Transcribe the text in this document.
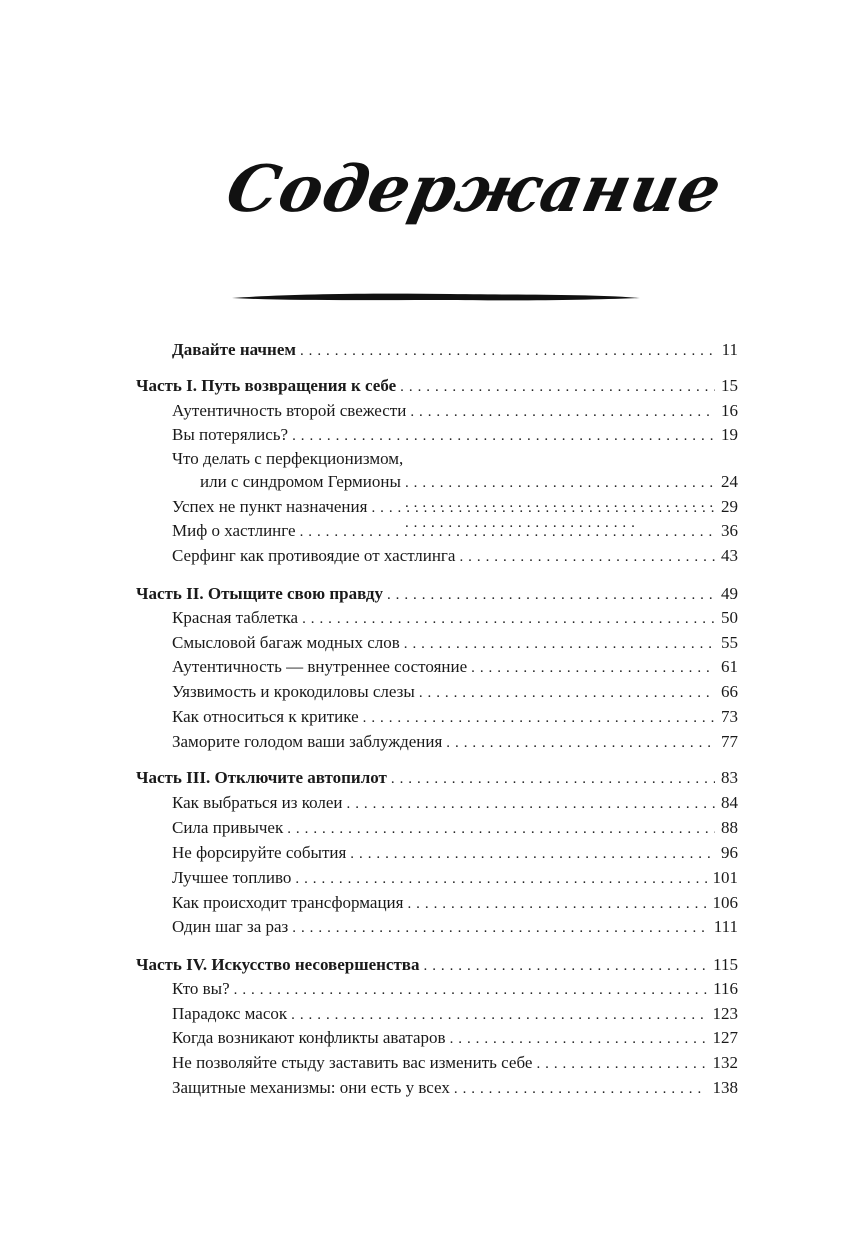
Содержание
Давайте начнем . . .	11
Часть I. Путь возвращения к себе . . .	15
Аутентичность второй свежести . . .	16
Вы потерялись? . . .	19
Что делать с перфекционизмом,
или с синдромом Гермионы . . .	24
Успех не пункт назначения . . .	29
Миф о хастлинге . . .	36
Серфинг как противоядие от хастлинга . . .	43
Часть II. Отыщите свою правду . . .	49
Красная таблетка . . .	50
Смысловой багаж модных слов . . .	55
Аутентичность — внутреннее состояние . . .	61
Уязвимость и крокодиловы слезы . . .	66
Как относиться к критике . . .	73
Заморите голодом ваши заблуждения . . .	77
Часть III. Отключите автопилот . . .	83
Как выбраться из колеи . . .	84
Сила привычек . . .	88
Не форсируйте события . . .	96
Лучшее топливо . . .	101
Как происходит трансформация . . .	106
Один шаг за раз . . .	111
Часть IV. Искусство несовершенства . . .	115
Кто вы? . . .	116
Парадокс масок . . .	123
Когда возникают конфликты аватаров . . .	127
Не позволяйте стыду заставить вас изменить себе . . .	132
Защитные механизмы: они есть у всех . . .	138
